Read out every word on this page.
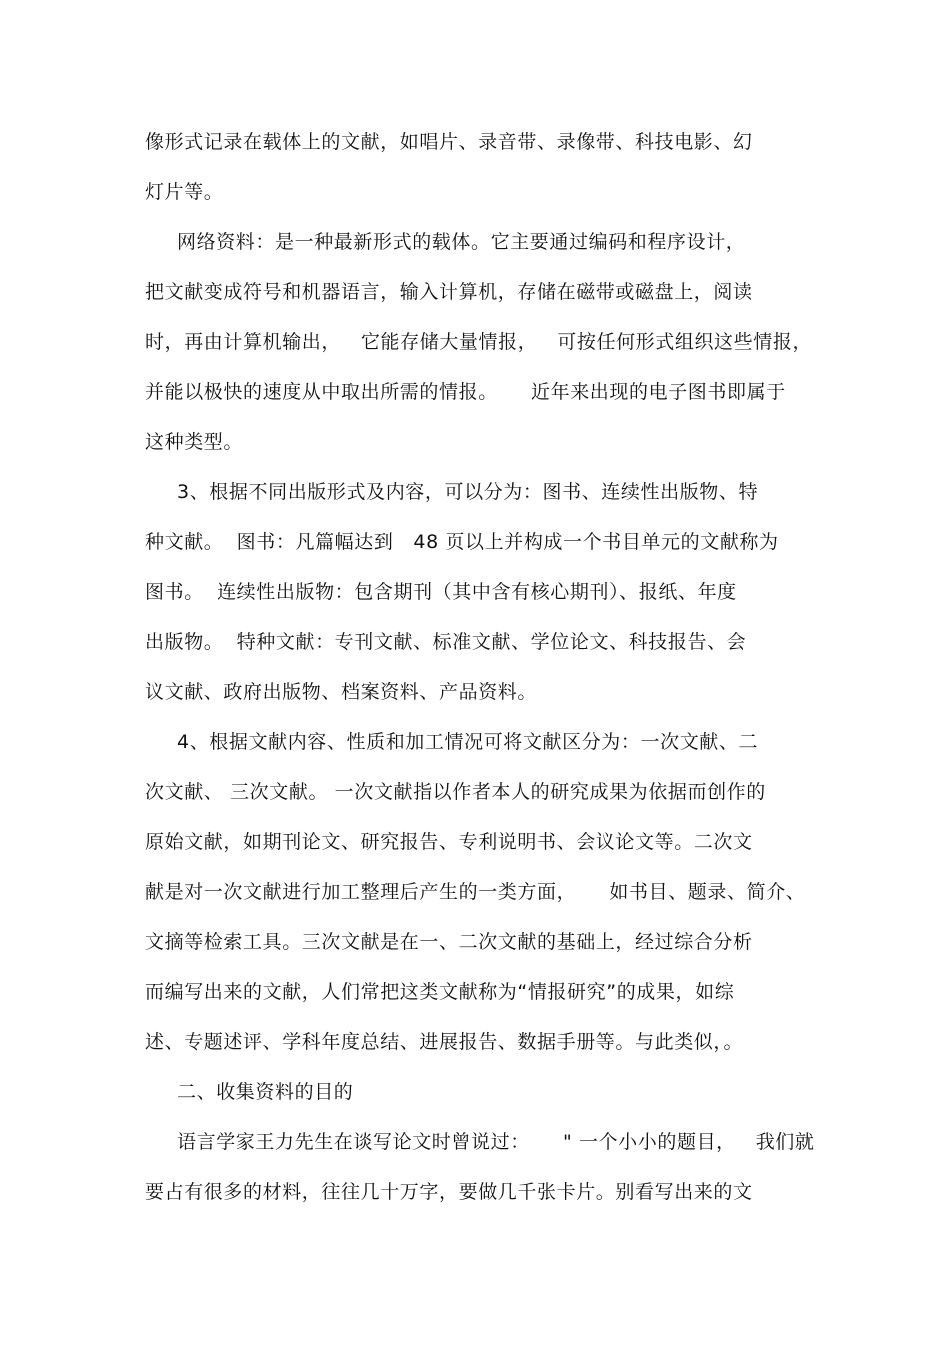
像形式记录在载体上的文献，如唱片、录音带、录像带、科技电影、幻
灯片等。
网络资料：是一种最新形式的载体。它主要通过编码和程序设计，
把文献变成符号和机器语言，输入计算机，存储在磁带或磁盘上，阅读
时，再由计算机输出，   它能存储大量情报，   可按任何形式组织这些情报，
并能以极快的速度从中取出所需的情报。     近年来出现的电子图书即属于
这种类型。
3、根据不同出版形式及内容，可以分为：图书、连续性出版物、特
种文献。  图书：凡篇幅达到   48 页以上并构成一个书目单元的文献称为
图书。  连续性出版物：包含期刊（其中含有核心期刊）、报纸、年度
出版物。  特种文献：专刊文献、标准文献、学位论文、科技报告、会
议文献、政府出版物、档案资料、产品资料。
4、根据文献内容、性质和加工情况可将文献区分为：一次文献、二
次文献、 三次文献。 一次文献指以作者本人的研究成果为依据而创作的
原始文献，如期刊论文、研究报告、专利说明书、会议论文等。二次文
献是对一次文献进行加工整理后产生的一类方面，     如书目、题录、简介、
文摘等检索工具。三次文献是在一、二次文献的基础上，经过综合分析
而编写出来的文献，人们常把这类文献称为“情报研究”的成果，如综
述、专题述评、学科年度总结、进展报告、数据手册等。与此类似，。
二、收集资料的目的
语言学家王力先生在谈写论文时曾说过：     " 一个小小的题目，   我们就
要占有很多的材料，往往几十万字，要做几千张卡片。别看写出来的文
